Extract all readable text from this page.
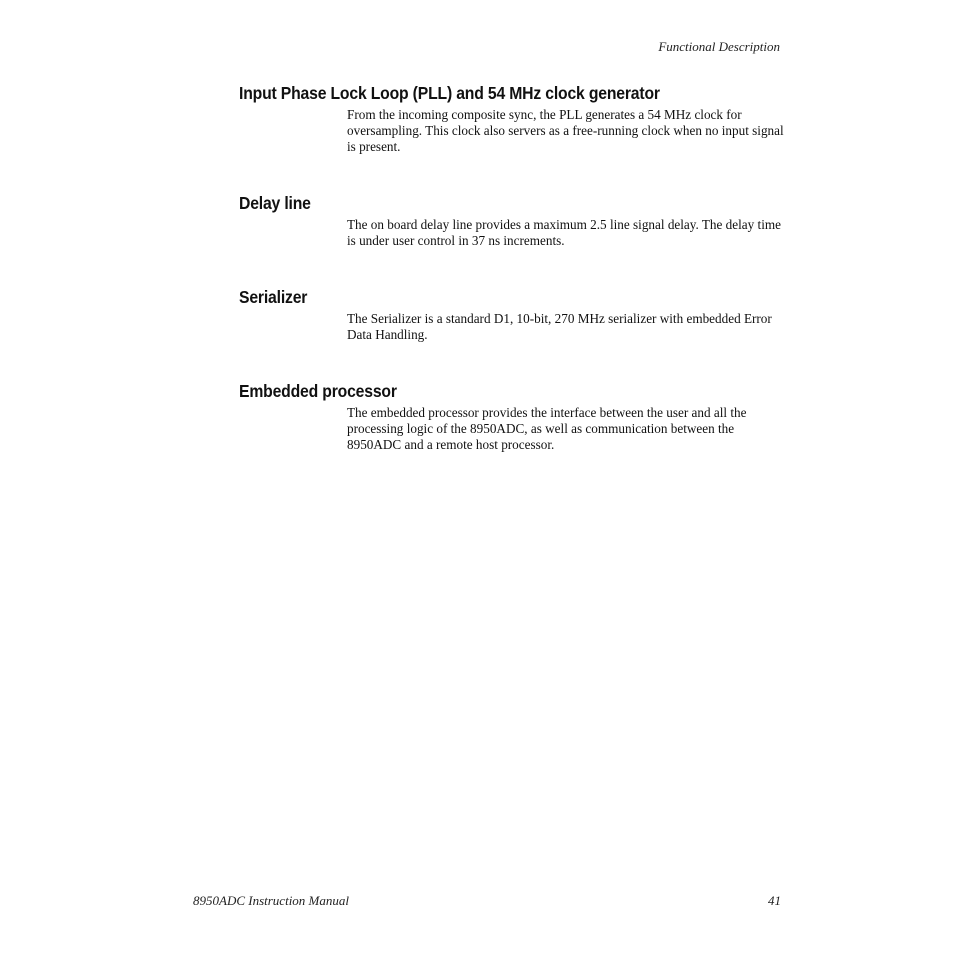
Functional Description
Input Phase Lock Loop (PLL) and 54 MHz clock generator

From the incoming composite sync, the PLL generates a 54 MHz clock for oversampling. This clock also servers as a free-running clock when no input signal is present.

Delay line

The on board delay line provides a maximum 2.5 line signal delay. The delay time is under user control in 37 ns increments.

Serializer

The Serializer is a standard D1, 10-bit, 270 MHz serializer with embedded Error Data Handling.

Embedded processor

The embedded processor provides the interface between the user and all the processing logic of the 8950ADC, as well as communication between the 8950ADC and a remote host processor.

8950ADC Instruction Manual	41
